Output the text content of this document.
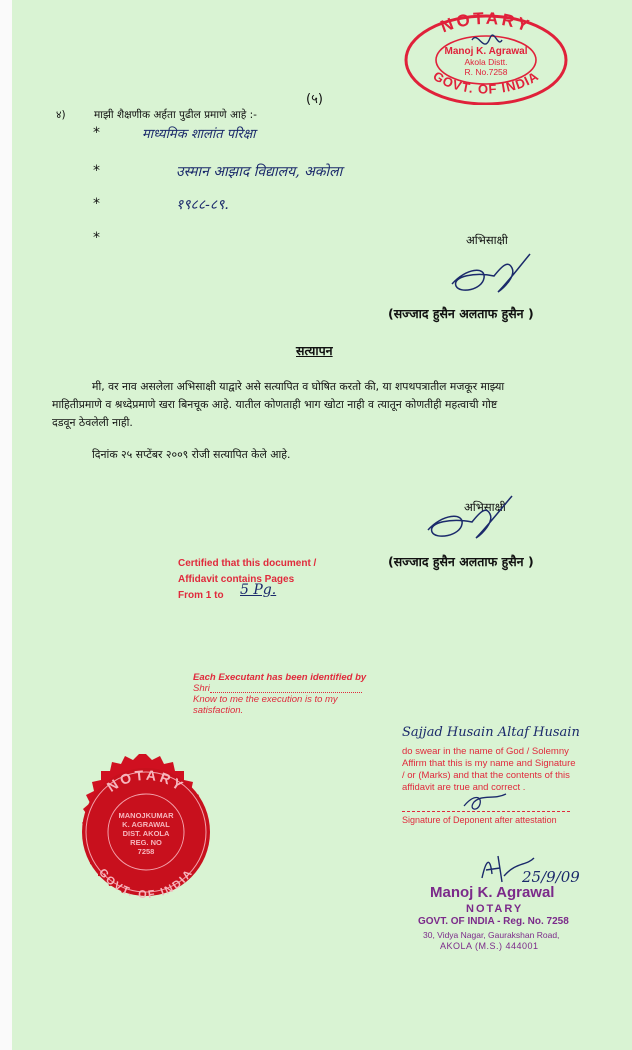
NOTARY
GOVT. OF INDIA
Manoj K. Agrawal
Akola Distt.
R. No.7258
(५)
४)	माझी शैक्षणीक अर्हता पुढील प्रमाणे आहे :-
*	माध्यमिक शालांत परिक्षा
*	उस्मान आझाद विद्यालय, अकोला
*	१९८८-८९.
*	अभिसाक्षी
(सज्जाद हुसैन अलताफ हुसैन )
सत्यापन
मी, वर नाव असलेला अभिसाक्षी याद्वारे असे सत्यापित व घोषित करतो की, या शपथपत्रातील मजकूर माझ्या
माहितीप्रमाणे व श्रध्देप्रमाणे खरा बिनचूक आहे. यातील कोणताही भाग खोटा नाही व त्यातून कोणतीही महत्वाची गोष्ट
दडवून ठेवलेली नाही.
दिनांक २५ सप्टेंबर २००९ रोजी सत्यापित केले आहे.
अभिसाक्षी
(सज्जाद हुसैन अलताफ हुसैन )
Certified that this document /
Affidavit contains Pages
From 1 to 5 Pg.
Each Executant has been identified by
Shri
Know to me the execution is to my
satisfaction.
Sajjad Husain Altaf Husain
do swear in the name of God / Solemny
Affirm that this is my name and Signature
/ or (Marks) and that the contents of this
affidavit are true and correct .
Signature of Deponent after attestation
NOTARY
GOVT. OF INDIA
MANOJKUMAR
K. AGRAWAL
DIST. AKOLA
REG. NO
7258
25/9/09
Manoj K. Agrawal
NOTARY
GOVT. OF INDIA - Reg. No. 7258
30, Vidya Nagar, Gaurakshan Road,
AKOLA (M.S.) 444001
